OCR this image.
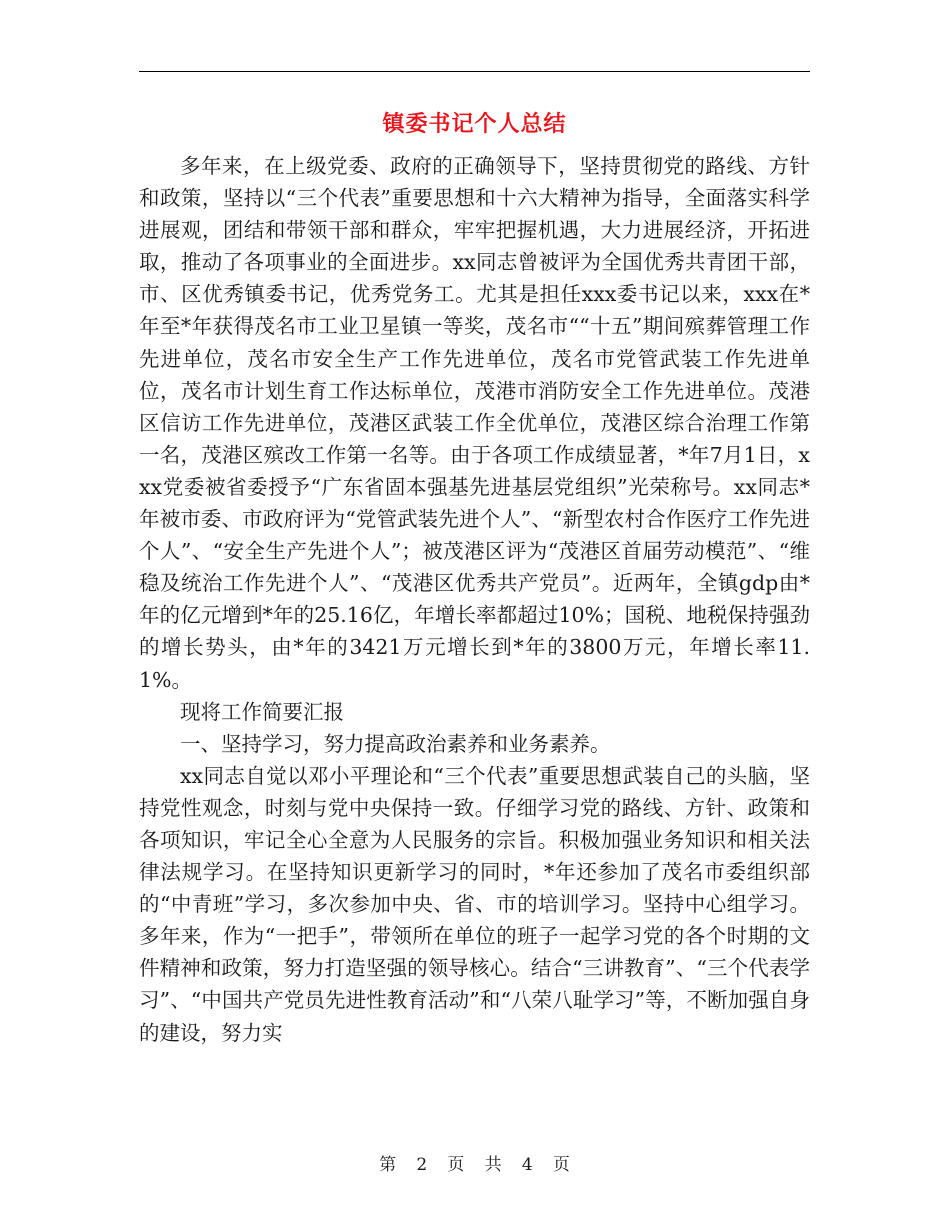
镇委书记个人总结

多年来，在上级党委、政府的正确领导下，坚持贯彻党的路线、方针和政策，坚持以“三个代表”重要思想和十六大精神为指导，全面落实科学进展观，团结和带领干部和群众，牢牢把握机遇，大力进展经济，开拓进取，推动了各项事业的全面进步。xx同志曾被评为全国优秀共青团干部，市、区优秀镇委书记，优秀党务工。尤其是担任xxx委书记以来，xxx在*年至*年获得茂名市工业卫星镇一等奖，茂名市““十五”期间殡葬管理工作先进单位，茂名市安全生产工作先进单位，茂名市党管武装工作先进单位，茂名市计划生育工作达标单位，茂港市消防安全工作先进单位。茂港区信访工作先进单位，茂港区武装工作全优单位，茂港区综合治理工作第一名，茂港区殡改工作第一名等。由于各项工作成绩显著，*年7月1日，xxx党委被省委授予“广东省固本强基先进基层党组织”光荣称号。xx同志*年被市委、市政府评为“党管武装先进个人”、“新型农村合作医疗工作先进个人”、“安全生产先进个人”；被茂港区评为“茂港区首届劳动模范”、“维稳及统治工作先进个人”、“茂港区优秀共产党员”。近两年，全镇gdp由*年的亿元增到*年的25.16亿，年增长率都超过10%；国税、地税保持强劲的增长势头，由*年的3421万元增长到*年的3800万元，年增长率11.1%。

现将工作简要汇报

一、坚持学习，努力提高政治素养和业务素养。

xx同志自觉以邓小平理论和“三个代表”重要思想武装自己的头脑，坚持党性观念，时刻与党中央保持一致。仔细学习党的路线、方针、政策和各项知识，牢记全心全意为人民服务的宗旨。积极加强业务知识和相关法律法规学习。在坚持知识更新学习的同时，*年还参加了茂名市委组织部的“中青班”学习，多次参加中央、省、市的培训学习。坚持中心组学习。多年来，作为“一把手”，带领所在单位的班子一起学习党的各个时期的文件精神和政策，努力打造坚强的领导核心。结合“三讲教育”、“三个代表学习”、“中国共产党员先进性教育活动”和“八荣八耻学习”等，不断加强自身的建设，努力实

第 2 页 共 4 页
